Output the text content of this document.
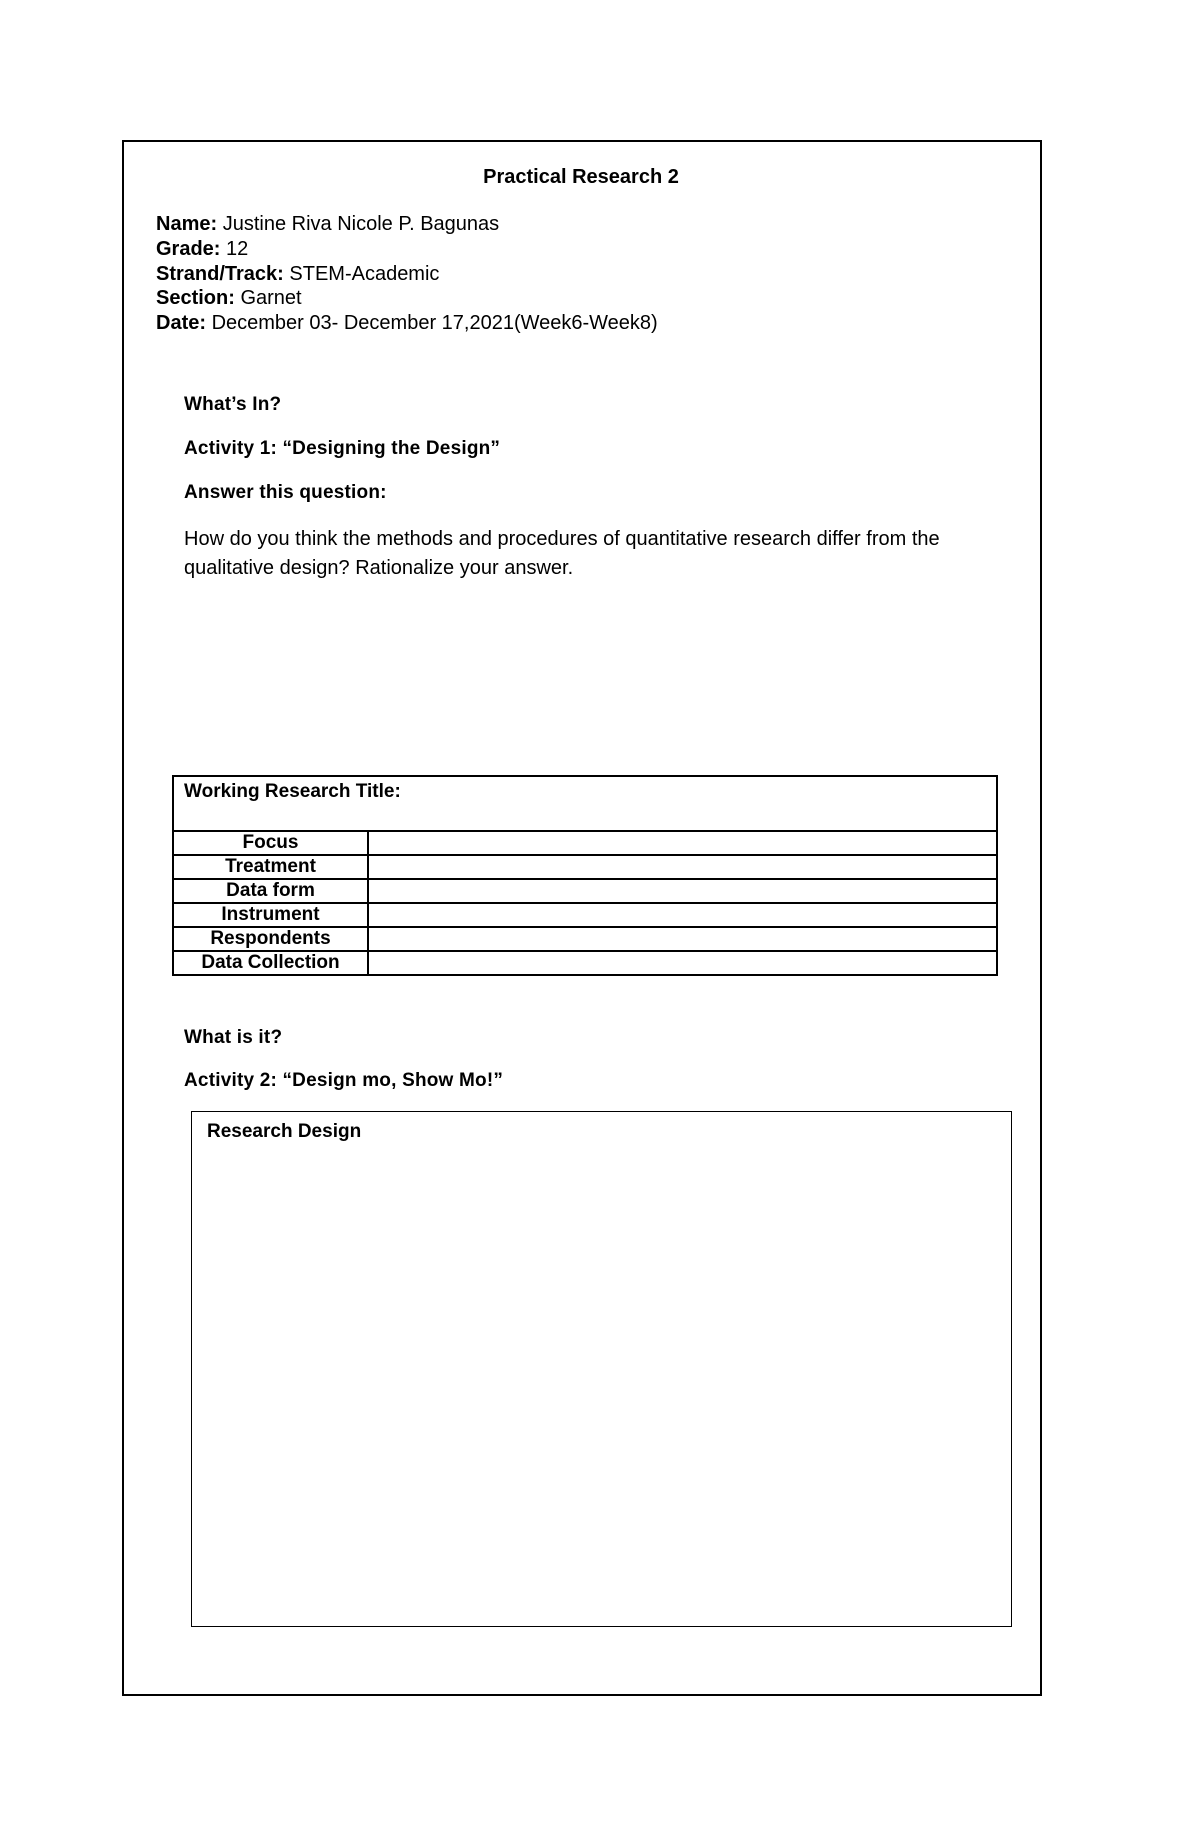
Practical Research 2
Name: Justine Riva Nicole P. Bagunas
Grade: 12
Strand/Track: STEM-Academic
Section: Garnet
Date: December 03- December 17,2021(Week6-Week8)
What’s In?
Activity 1: “Designing the Design”
Answer this question:
How do you think the methods and procedures of quantitative research differ from the qualitative design? Rationalize your answer.
Working Research Title:	
Focus	
Treatment	
Data form	
Instrument	
Respondents	
Data Collection	
What is it?
Activity 2: “Design mo, Show Mo!”
Research Design
